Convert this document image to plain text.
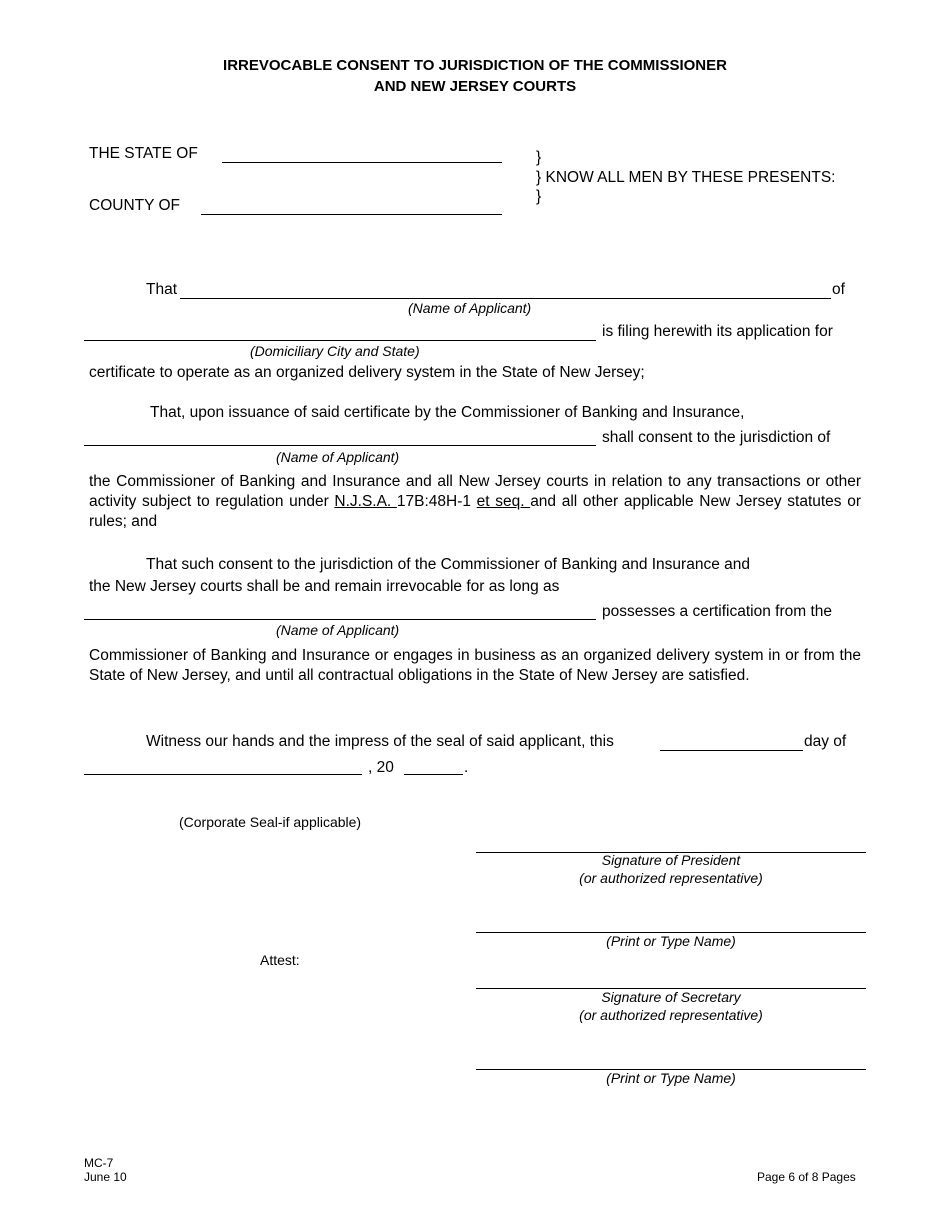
IRREVOCABLE CONSENT TO JURISDICTION OF THE COMMISSIONER
AND NEW JERSEY COURTS
THE STATE OF
COUNTY OF
}
} KNOW ALL MEN BY THESE PRESENTS:
}
That	of
(Name of Applicant)
is filing herewith its application for
(Domiciliary City and State)
certificate to operate as an organized delivery system in the State of New Jersey;
That, upon issuance of said certificate by the Commissioner of Banking and Insurance,
shall consent to the jurisdiction of
(Name of Applicant)
the Commissioner of Banking and Insurance and all New Jersey courts in relation to any transactions or other activity subject to regulation under N.J.S.A. 17B:48H-1 et seq. and all other applicable New Jersey statutes or rules; and
That such consent to the jurisdiction of the Commissioner of Banking and Insurance and
the New Jersey courts shall be and remain irrevocable for as long as
possesses a certification from the
(Name of Applicant)
Commissioner of Banking and Insurance or engages in business as an organized delivery system in or from the State of New Jersey, and until all contractual obligations in the State of New Jersey are satisfied.
Witness our hands and the impress of the seal of said applicant, this	day of
, 20	.
(Corporate Seal-if applicable)
Signature of President
(or authorized representative)
(Print or Type Name)
Attest:
Signature of Secretary
(or authorized representative)
(Print or Type Name)
MC-7
June 10	Page 6 of 8 Pages
